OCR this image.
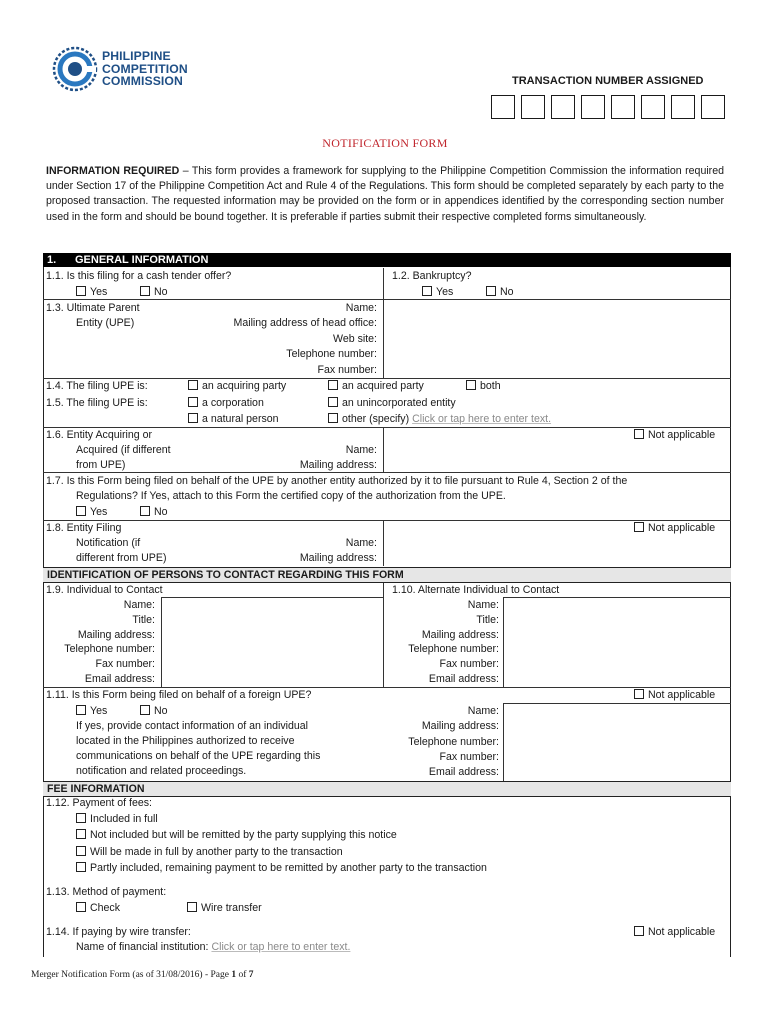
PHILIPPINE
COMPETITION
COMMISSION	TRANSACTION NUMBER ASSIGNED
NOTIFICATION FORM
INFORMATION REQUIRED – This form provides a framework for supplying to the Philippine Competition Commission the information required under Section 17 of the Philippine Competition Act and Rule 4 of the Regulations. This form should be completed separately by each party to the proposed transaction. The requested information may be provided on the form or in appendices identified by the corresponding section number used in the form and should be bound together. It is preferable if parties submit their respective completed forms simultaneously.
1. GENERAL INFORMATION
1.1. Is this filing for a cash tender offer?
Yes	No
1.2. Bankruptcy?
Yes	No
1.3. Ultimate Parent
Entity (UPE)
Name:
Mailing address of head office:
Web site:
Telephone number:
Fax number:
1.4. The filing UPE is:	an acquiring party	an acquired party	both
1.5. The filing UPE is:	a corporation	an unincorporated entity
a natural person	other (specify) Click or tap here to enter text.
1.6. Entity Acquiring or
Acquired (if different
from UPE)
Name:
Mailing address:
Not applicable
1.7. Is this Form being filed on behalf of the UPE by another entity authorized by it to file pursuant to Rule 4, Section 2 of the
Regulations? If Yes, attach to this Form the certified copy of the authorization from the UPE.
Yes	No
1.8. Entity Filing
Notification (if
different from UPE)
Name:
Mailing address:
Not applicable
IDENTIFICATION OF PERSONS TO CONTACT REGARDING THIS FORM
1.9. Individual to Contact	1.10. Alternate Individual to Contact
Name:
Title:
Mailing address:
Telephone number:
Fax number:
Email address:
Name:
Title:
Mailing address:
Telephone number:
Fax number:
Email address:
1.11. Is this Form being filed on behalf of a foreign UPE?	Not applicable
Yes	No
If yes, provide contact information of an individual
located in the Philippines authorized to receive
communications on behalf of the UPE regarding this
notification and related proceedings.
Name:
Mailing address:
Telephone number:
Fax number:
Email address:
FEE INFORMATION
1.12. Payment of fees:
Included in full
Not included but will be remitted by the party supplying this notice
Will be made in full by another party to the transaction
Partly included, remaining payment to be remitted by another party to the transaction
1.13. Method of payment:
Check	Wire transfer
1.14. If paying by wire transfer:	Not applicable
Name of financial institution: Click or tap here to enter text.
Merger Notification Form (as of 31/08/2016) - Page 1 of 7
